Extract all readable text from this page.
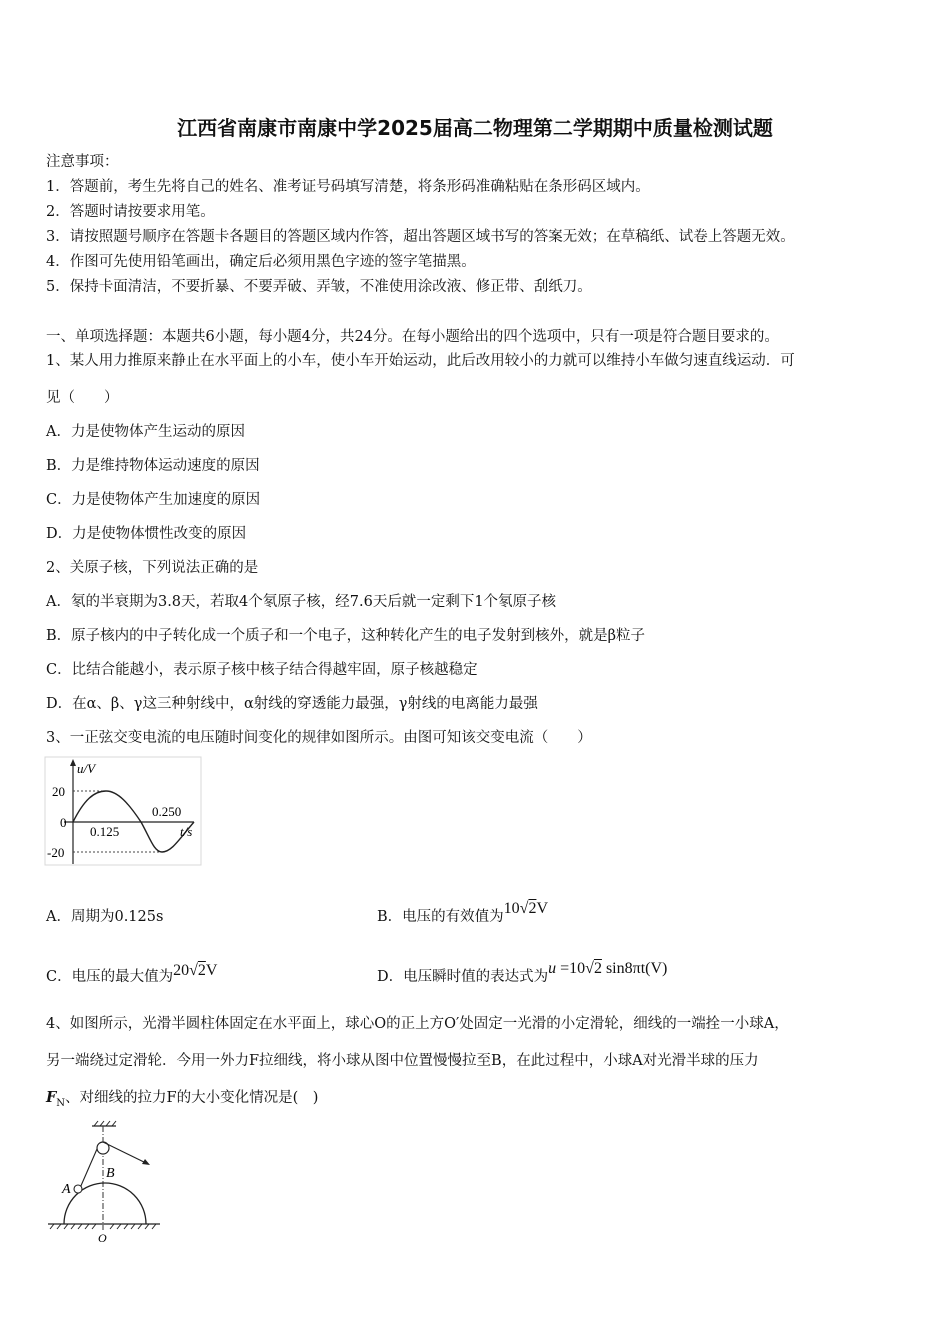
江西省南康市南康中学2025届高二物理第二学期期中质量检测试题
注意事项：
1．答题前，考生先将自己的姓名、准考证号码填写清楚，将条形码准确粘贴在条形码区域内。
2．答题时请按要求用笔。
3．请按照题号顺序在答题卡各题目的答题区域内作答，超出答题区域书写的答案无效；在草稿纸、试卷上答题无效。
4．作图可先使用铅笔画出，确定后必须用黑色字迹的签字笔描黑。
5．保持卡面清洁，不要折暴、不要弄破、弄皱，不准使用涂改液、修正带、刮纸刀。
一、单项选择题：本题共6小题，每小题4分，共24分。在每小题给出的四个选项中，只有一项是符合题目要求的。
1、某人用力推原来静止在水平面上的小车，使小车开始运动，此后改用较小的力就可以维持小车做匀速直线运动．可
见（　　）
A．力是使物体产生运动的原因
B．力是维持物体运动速度的原因
C．力是使物体产生加速度的原因
D．力是使物体惯性改变的原因
2、关原子核，下列说法正确的是
A．氡的半衰期为3.8天，若取4个氡原子核，经7.6天后就一定剩下1个氡原子核
B．原子核内的中子转化成一个质子和一个电子，这种转化产生的电子发射到核外，就是β粒子
C．比结合能越小，表示原子核中核子结合得越牢固，原子核越稳定
D．在α、β、γ这三种射线中，α射线的穿透能力最强，γ射线的电离能力最强
3、一正弦交变电流的电压随时间变化的规律如图所示。由图可知该交变电流（　　）
u/V
20
0
-20
0.125
0.250
t/s
A．周期为0.125s	B．电压的有效值为10√2V
C．电压的最大值为20√2V	D．电压瞬时值的表达式为u =10√2 sin8πt(V)
4、如图所示，光滑半圆柱体固定在水平面上，球心O的正上方O′处固定一光滑的小定滑轮，细线的一端拴一小球A，
另一端绕过定滑轮．今用一外力F拉细线，将小球从图中位置慢慢拉至B，在此过程中，小球A对光滑半球的压力
$F_N$、对细线的拉力F的大小变化情况是(　)
A
B
O
